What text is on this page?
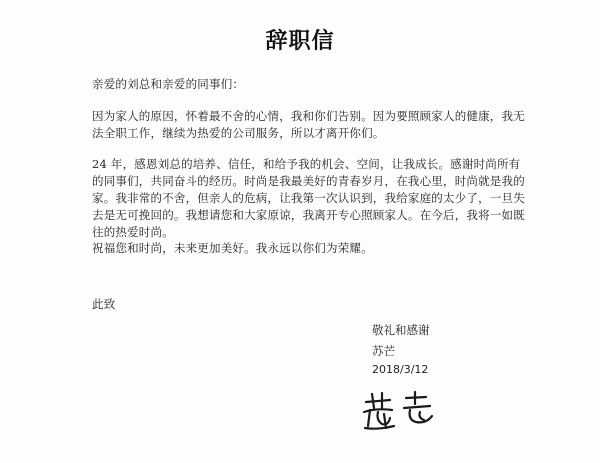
辞职信
亲爱的刘总和亲爱的同事们：
因为家人的原因，怀着最不舍的心情，我和你们告别。因为要照顾家人的健康，我无法全职工作，继续为热爱的公司服务，所以才离开你们。
24 年，感恩刘总的培养、信任，和给予我的机会、空间，让我成长。感谢时尚所有的同事们，共同奋斗的经历。时尚是我最美好的青春岁月，在我心里，时尚就是我的家。我非常的不舍，但亲人的危病，让我第一次认识到，我给家庭的太少了，一旦失去是无可挽回的。我想请您和大家原谅，我离开专心照顾家人。在今后，我将一如既往的热爱时尚。
祝福您和时尚，未来更加美好。我永远以你们为荣耀。
此致
敬礼和感谢
苏芒
2018/3/12
